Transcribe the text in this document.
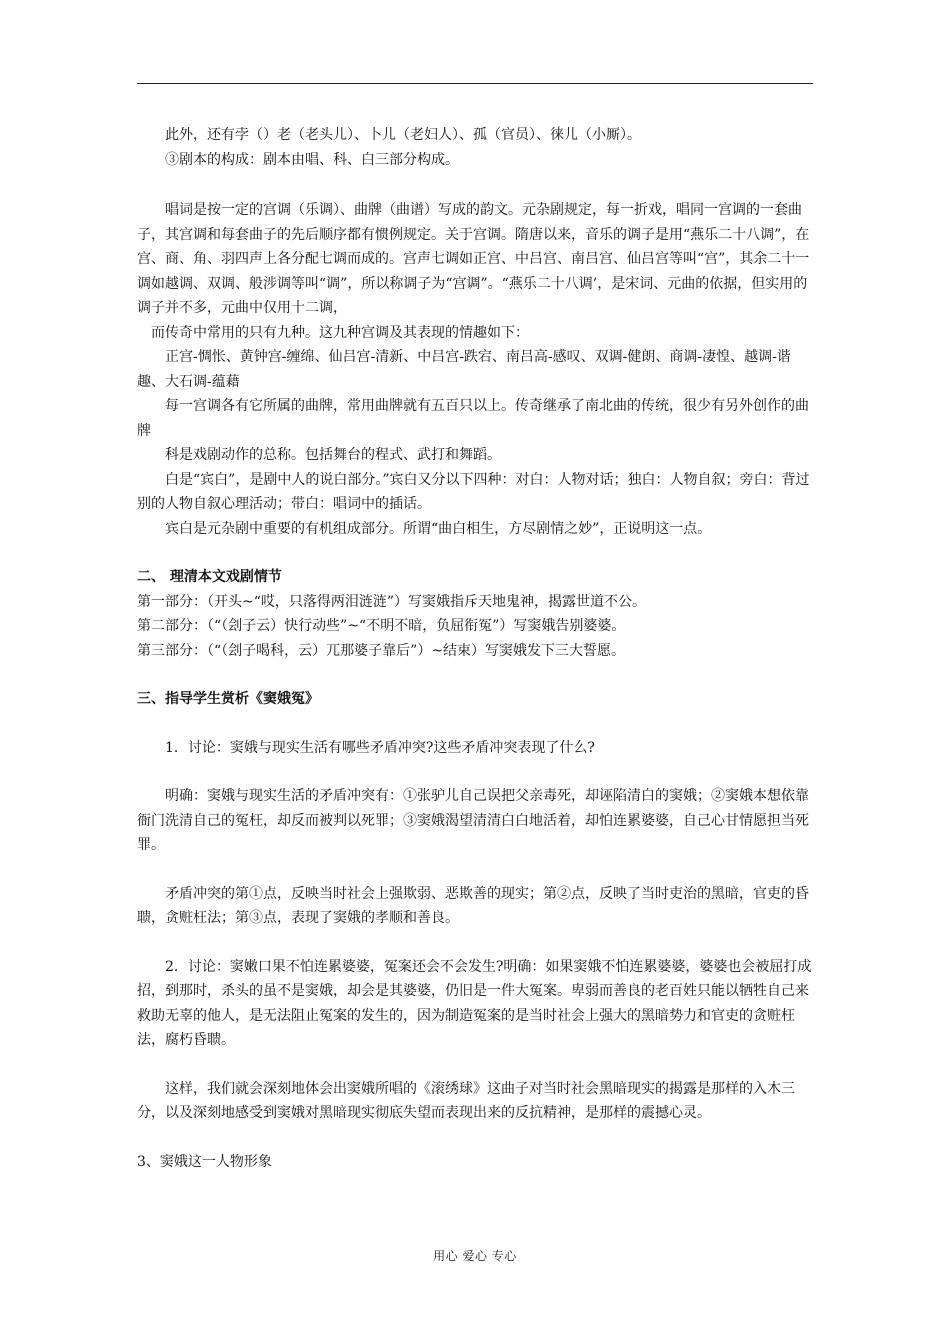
此外，还有孛（）老（老头儿）、卜儿（老妇人）、孤（官员）、徕儿（小厮）。

③剧本的构成：剧本由唱、科、白三部分构成。

唱词是按一定的宫调（乐调）、曲牌（曲谱）写成的韵文。元杂剧规定，每一折戏，唱同一宫调的一套曲子，其宫调和每套曲子的先后顺序都有惯例规定。关于宫调。隋唐以来，音乐的调子是用“燕乐二十八调”，在宫、商、角、羽四声上各分配七调而成的。宫声七调如正宫、中吕宫、南吕宫、仙吕宫等叫“宫”，其余二十一调如越调、双调、般涉调等叫“调”，所以称调子为“宫调”。“燕乐二十八调’，是宋词、元曲的依据，但实用的调子并不多，元曲中仅用十二调，

而传奇中常用的只有九种。这九种宫调及其表现的情趣如下：

正宫-惆怅、黄钟宫-缠绵、仙吕宫-清新、中吕宫-跌宕、南吕高-感叹、双调-健朗、商调-凄惶、越调-谐趣、大石调-蕴藉

每一宫调各有它所属的曲牌，常用曲牌就有五百只以上。传奇继承了南北曲的传统，很少有另外创作的曲牌

科是戏剧动作的总称。包括舞台的程式、武打和舞蹈。

白是“宾白”，是剧中人的说白部分。”宾白又分以下四种：对白：人物对话；独白：人物自叙；旁白：背过别的人物自叙心理活动；带白：唱词中的插话。

宾白是元杂剧中重要的有机组成部分。所谓“曲白相生，方尽剧情之妙”，正说明这一点。

二、 理清本文戏剧情节

第一部分：（开头~“哎，只落得两泪涟涟”）写窦娥指斥天地鬼神，揭露世道不公。

第二部分：（“（刽子云）快行动些”~“不明不暗，负屈衔冤”）写窦娥告别婆婆。

第三部分：（“（刽子喝科，云）兀那婆子靠后”）~结束）写窦娥发下三大誓愿。

三、指导学生赏析《窦娥冤》

1．讨论：窦娥与现实生活有哪些矛盾冲突?这些矛盾冲突表现了什么?

明确：窦娥与现实生活的矛盾冲突有：①张驴儿自己误把父亲毒死，却诬陷清白的窦娥；②窦娥本想依靠衙门洗清自己的冤枉，却反而被判以死罪；③窦娥渴望清清白白地活着，却怕连累婆婆，自己心甘情愿担当死罪。

矛盾冲突的第①点，反映当时社会上强欺弱、恶欺善的现实；第②点，反映了当时吏治的黑暗，官吏的昏聩，贪赃枉法；第③点，表现了窦娥的孝顺和善良。

2．讨论：窦嫩口果不怕连累婆婆，冤案还会不会发生?明确：如果窦娥不怕连累婆婆，婆婆也会被屈打成招，到那时，杀头的虽不是窦娥，却会是其婆婆，仍旧是一件大冤案。卑弱而善良的老百姓只能以牺牲自己来救助无辜的他人，是无法阻止冤案的发生的，因为制造冤案的是当时社会上强大的黑暗势力和官吏的贪赃枉法，腐朽昏聩。

这样，我们就会深刻地体会出窦娥所唱的《滚绣球》这曲子对当时社会黑暗现实的揭露是那样的入木三分，以及深刻地感受到窦娥对黑暗现实彻底失望而表现出来的反抗精神，是那样的震撼心灵。

3、窦娥这一人物形象

用心 爱心 专心
